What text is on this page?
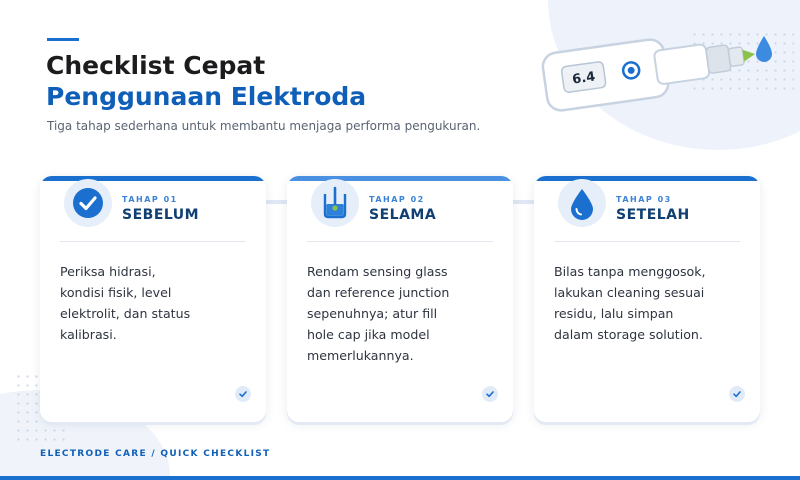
Checklist Cepat
Penggunaan Elektroda
Tiga tahap sederhana untuk membantu menjaga performa pengukuran.
6.4
TAHAP 01
SEBELUM
Periksa hidrasi,
kondisi fisik, level
elektrolit, dan status
kalibrasi.
TAHAP 02
SELAMA
Rendam sensing glass
dan reference junction
sepenuhnya; atur fill
hole cap jika model
memerlukannya.
TAHAP 03
SETELAH
Bilas tanpa menggosok,
lakukan cleaning sesuai
residu, lalu simpan
dalam storage solution.
ELECTRODE CARE / QUICK CHECKLIST
